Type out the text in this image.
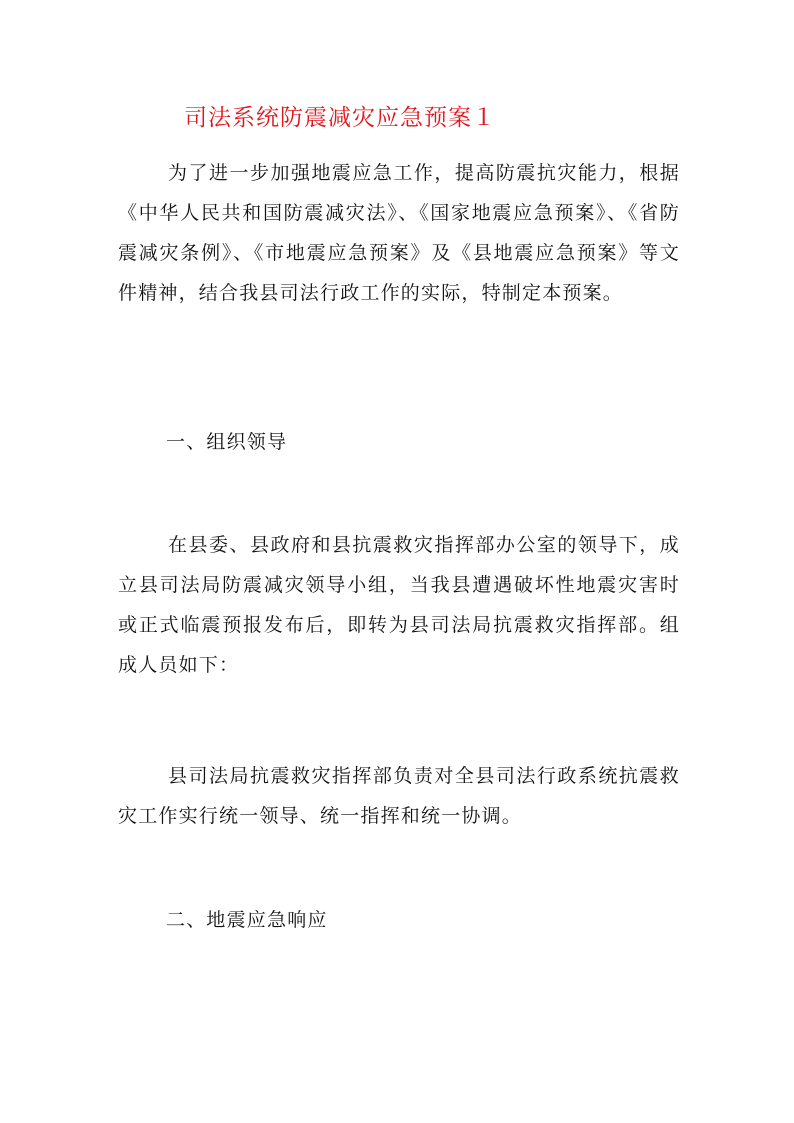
司法系统防震减灾应急预案１

为了进一步加强地震应急工作，提高防震抗灾能力，根据《中华人民共和国防震减灾法》、《国家地震应急预案》、《省防震减灾条例》、《市地震应急预案》及《县地震应急预案》等文件精神，结合我县司法行政工作的实际，特制定本预案。

一、组织领导

在县委、县政府和县抗震救灾指挥部办公室的领导下，成立县司法局防震减灾领导小组，当我县遭遇破坏性地震灾害时或正式临震预报发布后，即转为县司法局抗震救灾指挥部。组成人员如下：

县司法局抗震救灾指挥部负责对全县司法行政系统抗震救灾工作实行统一领导、统一指挥和统一协调。

二、地震应急响应
